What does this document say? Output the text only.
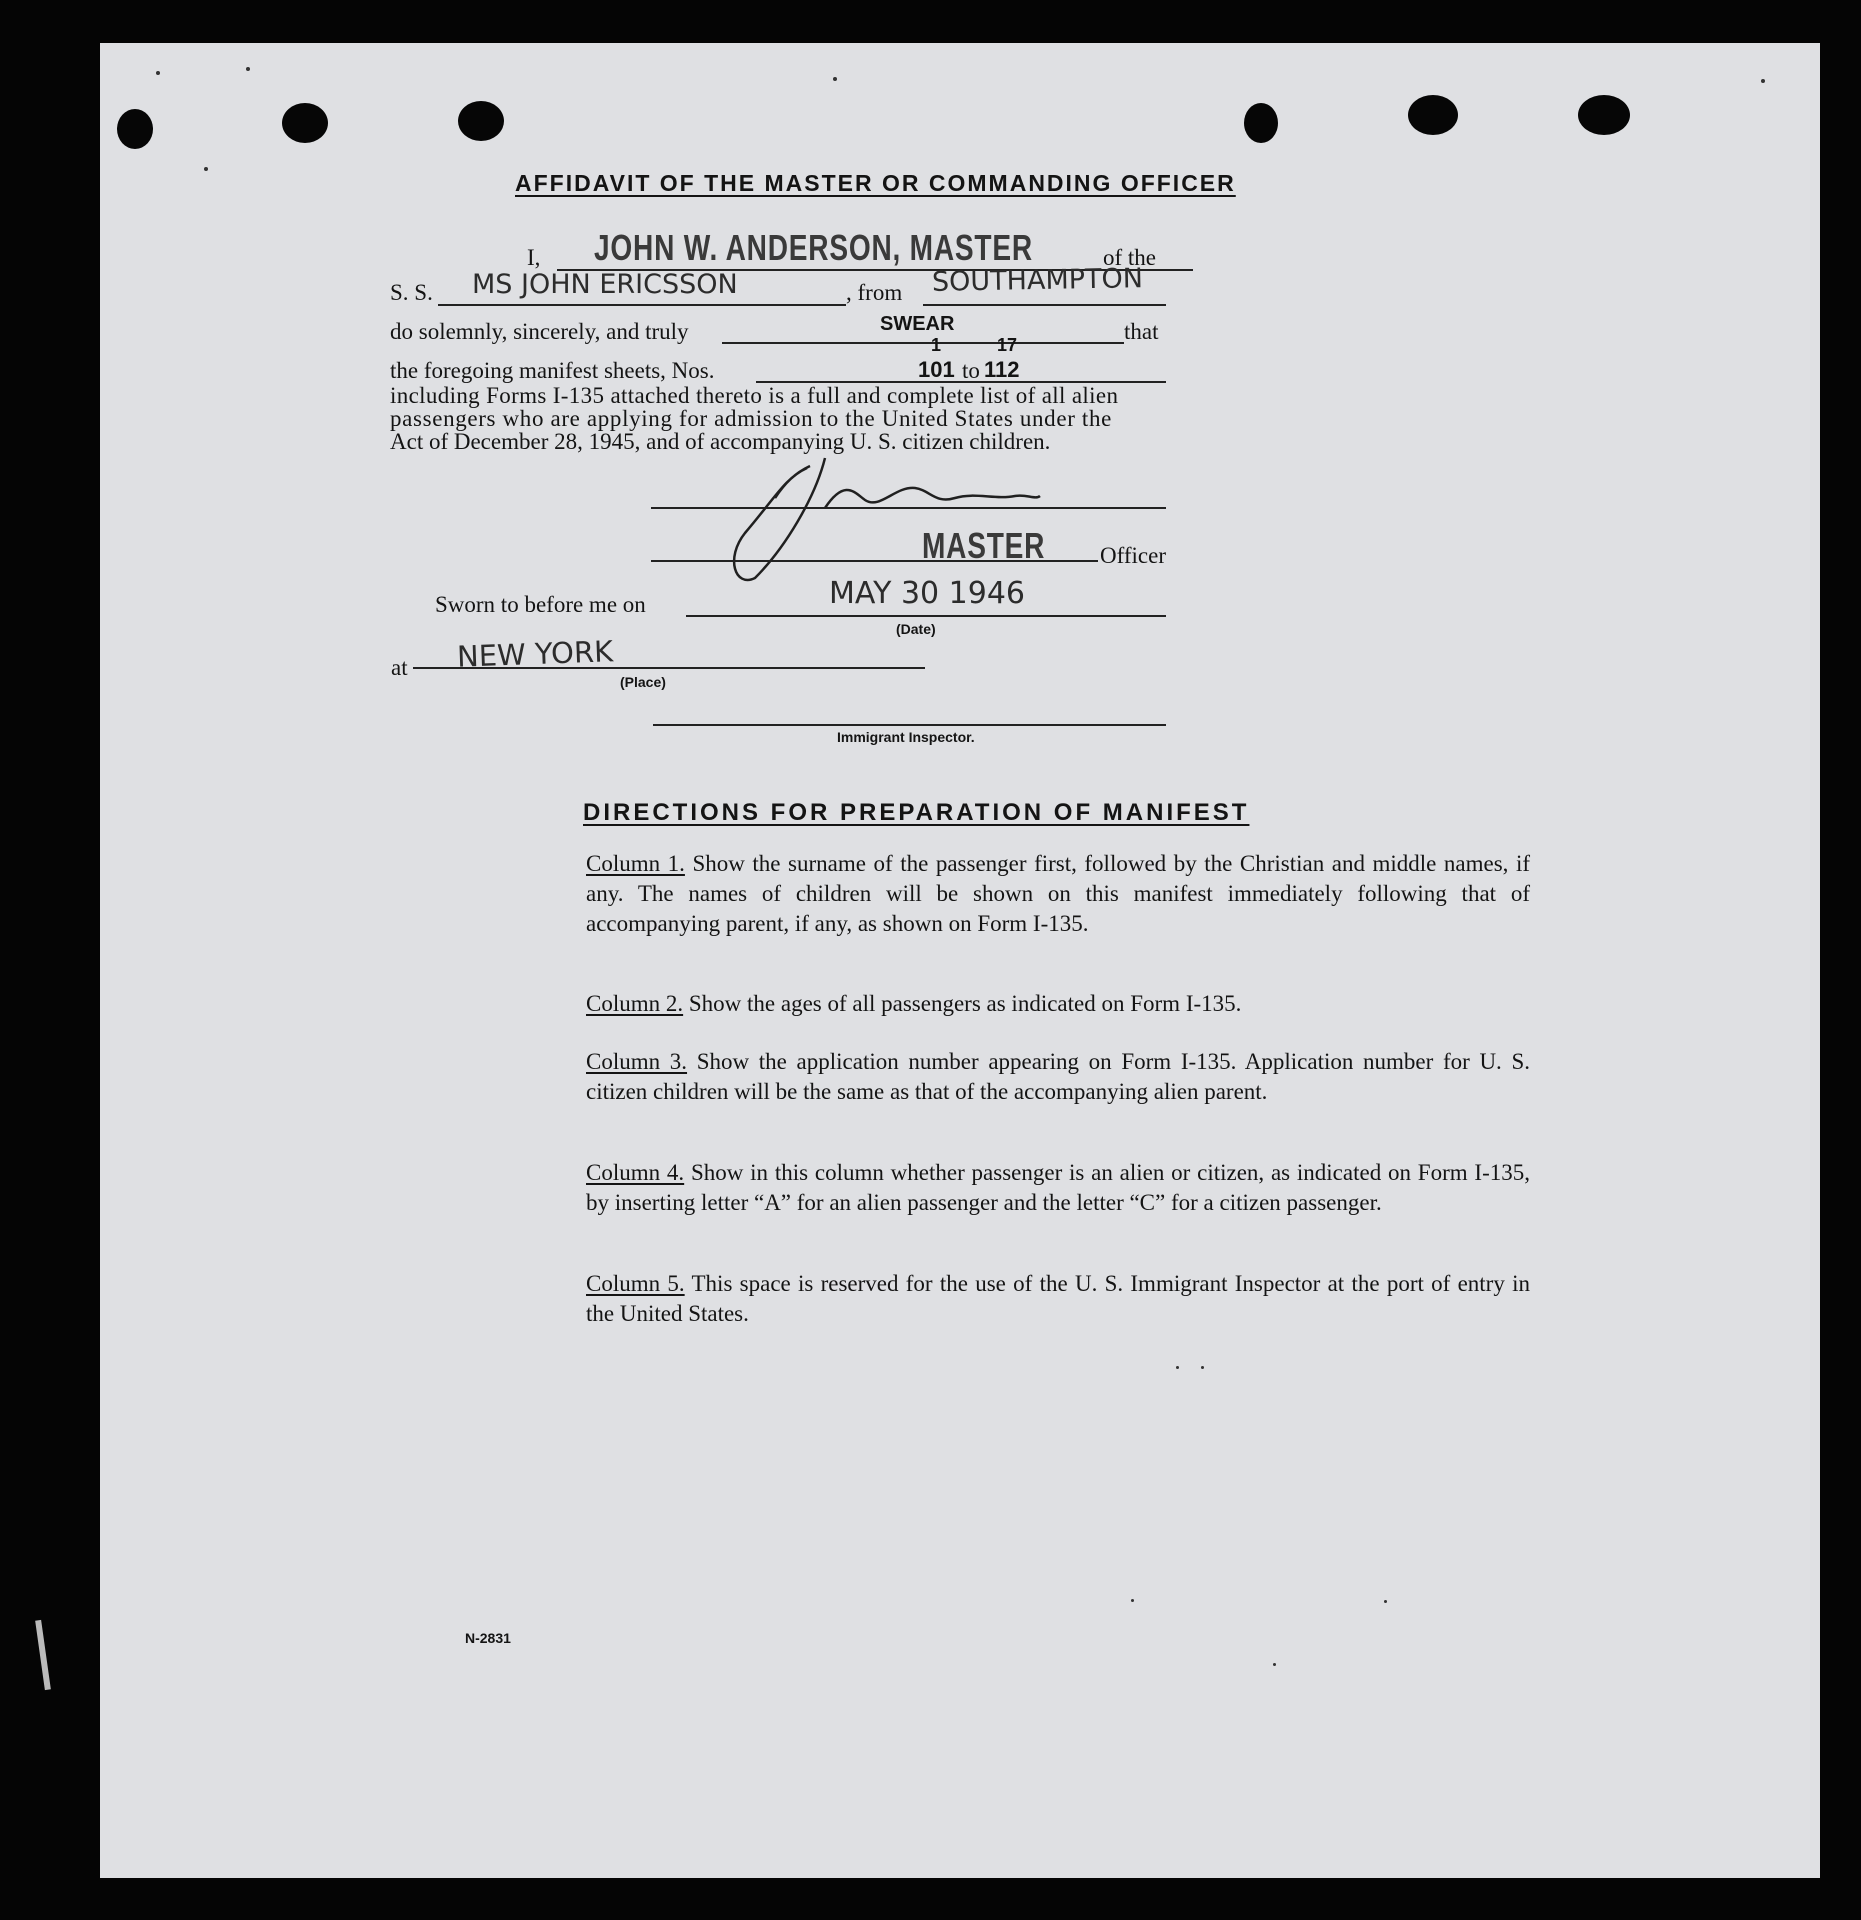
AFFIDAVIT OF THE MASTER OR COMMANDING OFFICER
I, JOHN W. ANDERSON, MASTER	of the
S. S. MS JOHN ERICSSON	, from SOUTHAMPTON
do solemnly, sincerely, and truly	SWEAR	that
the foregoing manifest sheets, Nos.
1
101 to
17
112
including Forms I-135 attached thereto is a full and complete list of all alien
passengers who are applying for admission to the United States under the
Act of December 28, 1945, and of accompanying U. S. citizen children.
MASTER Officer
Sworn to before me on	MAY 30 1946
(Date)
at NEW YORK
(Place)
Immigrant Inspector.
DIRECTIONS FOR PREPARATION OF MANIFEST
Column 1. Show the surname of the passenger first, followed by the Christian and middle names, if any. The names of children will be shown on this manifest immediately following that of accompanying parent, if any, as shown on Form I-135.
Column 2. Show the ages of all passengers as indicated on Form I-135.
Column 3. Show the application number appearing on Form I-135. Application number for U. S. citizen children will be the same as that of the accompanying alien parent.
Column 4. Show in this column whether passenger is an alien or citizen, as indicated on Form I-135, by inserting letter “A” for an alien passenger and the letter “C” for a citizen passenger.
Column 5. This space is reserved for the use of the U. S. Immigrant Inspector at the port of entry in the United States.
N-2831
